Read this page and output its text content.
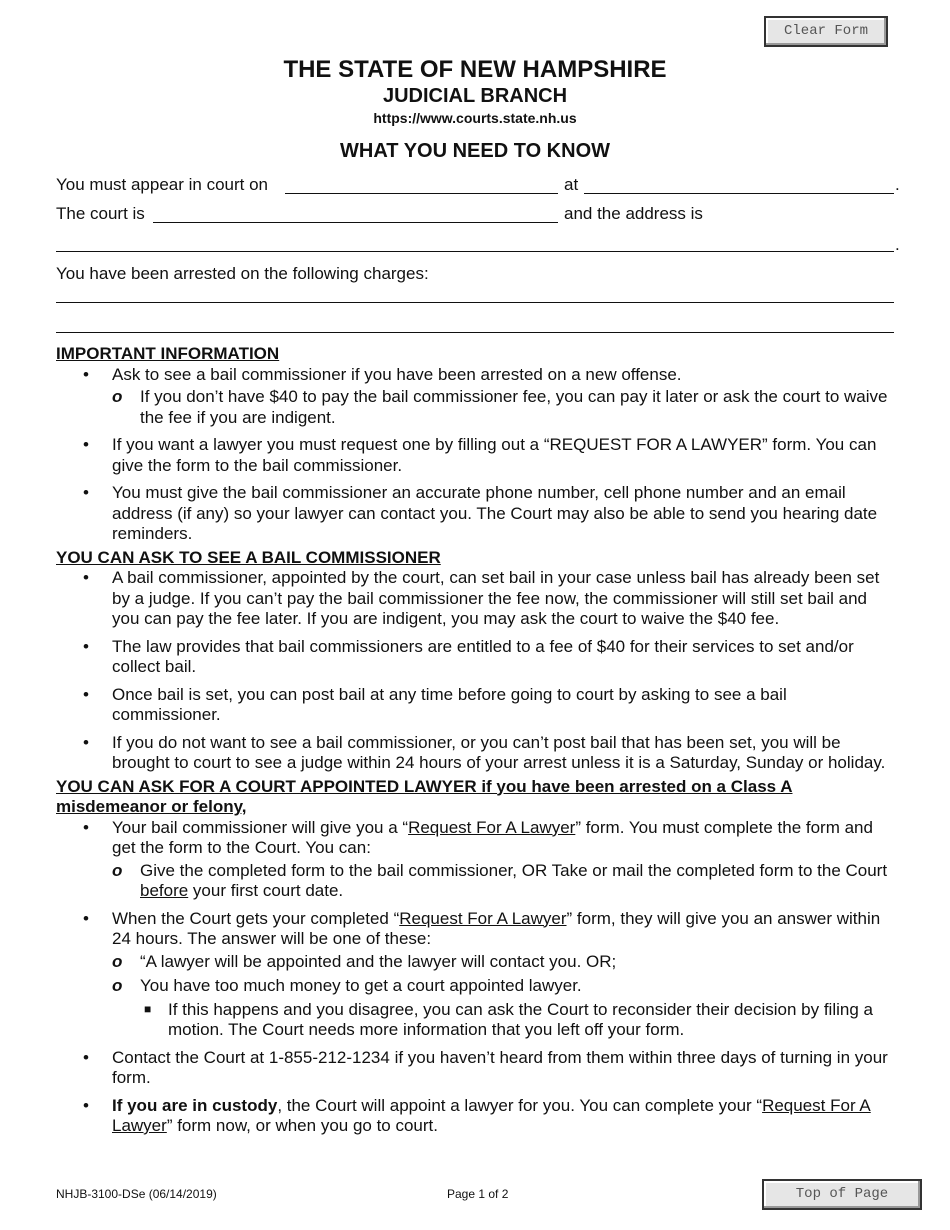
Clear Form
THE STATE OF NEW HAMPSHIRE
JUDICIAL BRANCH
https://www.courts.state.nh.us
WHAT YOU NEED TO KNOW
You must appear in court on	at	.
The court is	and the address is
.
You have been arrested on the following charges:

IMPORTANT INFORMATION

• Ask to see a bail commissioner if you have been arrested on a new offense.
o If you don’t have $40 to pay the bail commissioner fee, you can pay it later or ask the court to waive the fee if you are indigent.
• If you want a lawyer you must request one by filling out a “REQUEST FOR A LAWYER” form. You can give the form to the bail commissioner.
• You must give the bail commissioner an accurate phone number, cell phone number and an email address (if any) so your lawyer can contact you. The Court may also be able to send you hearing date reminders.

YOU CAN ASK TO SEE A BAIL COMMISSIONER

• A bail commissioner, appointed by the court, can set bail in your case unless bail has already been set by a judge. If you can’t pay the bail commissioner the fee now, the commissioner will still set bail and you can pay the fee later. If you are indigent, you may ask the court to waive the $40 fee.
• The law provides that bail commissioners are entitled to a fee of $40 for their services to set and/or collect bail.
• Once bail is set, you can post bail at any time before going to court by asking to see a bail commissioner.
• If you do not want to see a bail commissioner, or you can’t post bail that has been set, you will be brought to court to see a judge within 24 hours of your arrest unless it is a Saturday, Sunday or holiday.

YOU CAN ASK FOR A COURT APPOINTED LAWYER if you have been arrested on a Class A misdemeanor or felony,

• Your bail commissioner will give you a “Request For A Lawyer” form. You must complete the form and get the form to the Court. You can:
o Give the completed form to the bail commissioner, OR Take or mail the completed form to the Court before your first court date.
• When the Court gets your completed “Request For A Lawyer” form, they will give you an answer within 24 hours. The answer will be one of these:
o “A lawyer will be appointed and the lawyer will contact you. OR;
o You have too much money to get a court appointed lawyer.
■ If this happens and you disagree, you can ask the Court to reconsider their decision by filing a motion. The Court needs more information that you left off your form.
• Contact the Court at 1-855-212-1234 if you haven’t heard from them within three days of turning in your form.
• If you are in custody, the Court will appoint a lawyer for you. You can complete your “Request For A Lawyer” form now, or when you go to court.
NHJB-3100-DSe (06/14/2019)	Page 1 of 2	Top of Page
